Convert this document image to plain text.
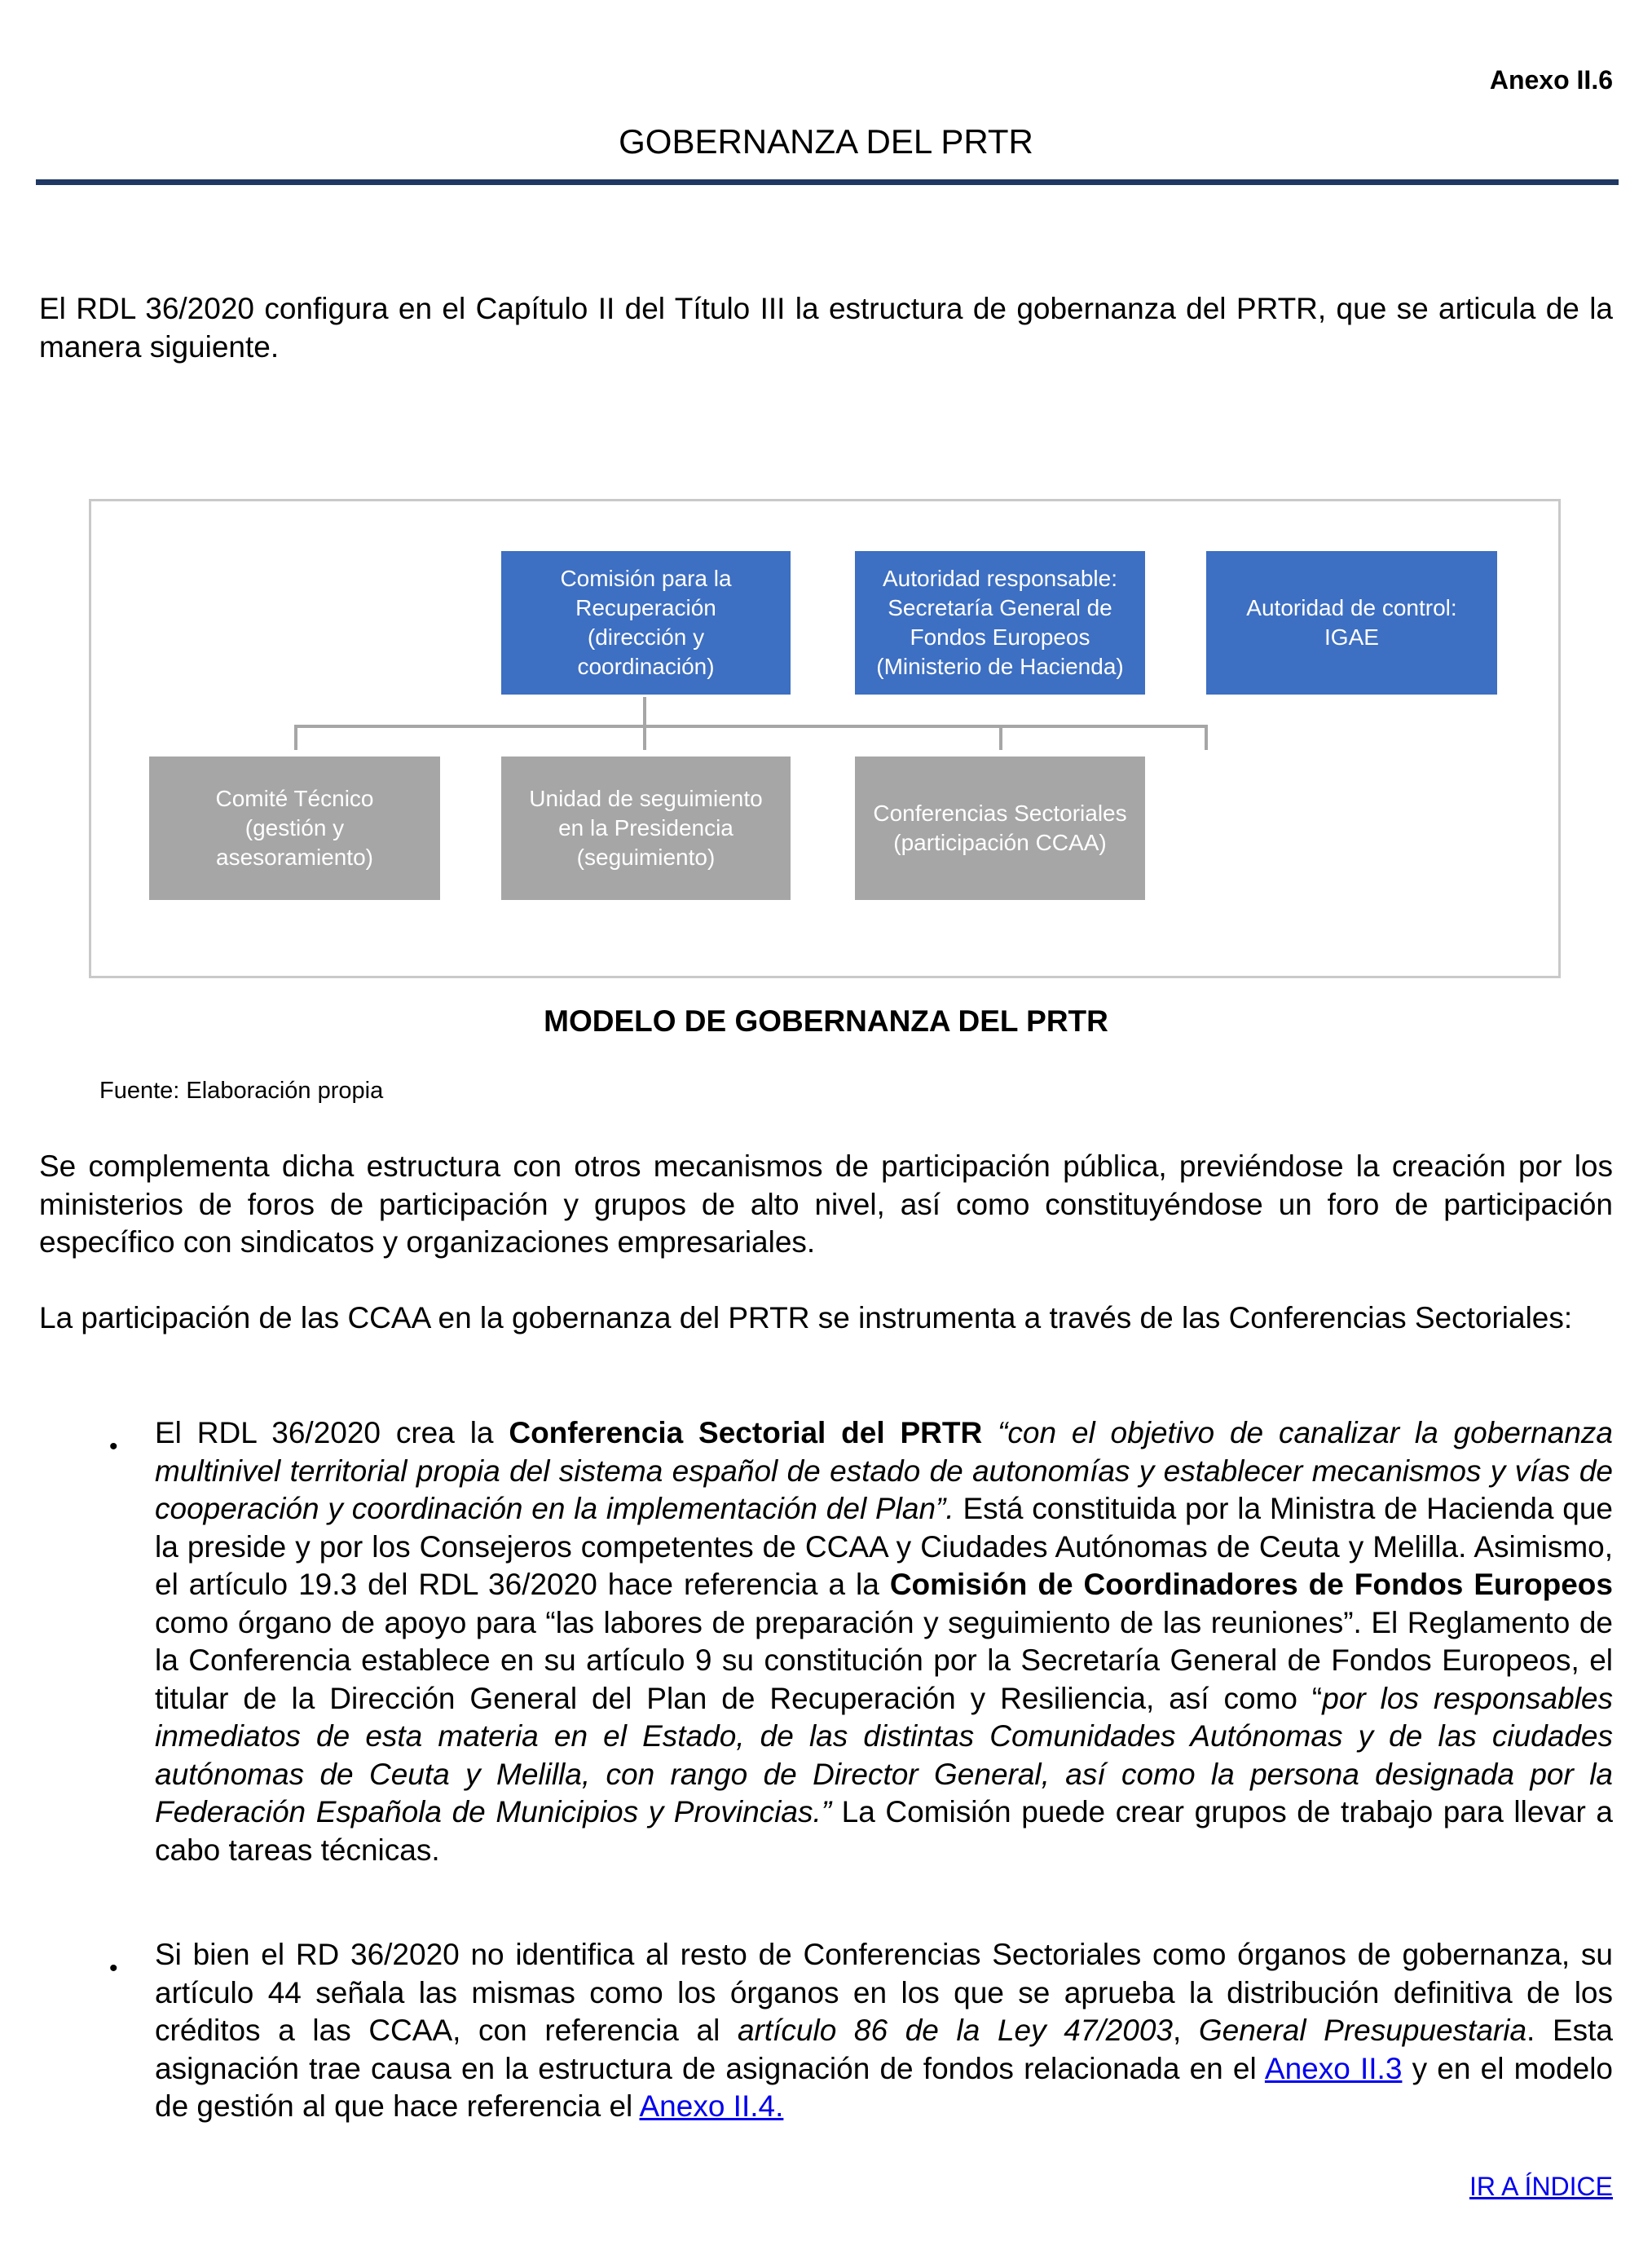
Anexo II.6
GOBERNANZA DEL PRTR
El RDL 36/2020 configura en el Capítulo II del Título III la estructura de gobernanza del PRTR, que se articula de la manera siguiente.
Comisión para la
Recuperación
(dirección y
coordinación)
Autoridad responsable:
Secretaría General de
Fondos Europeos
(Ministerio de Hacienda)
Autoridad de control:
IGAE
Comité Técnico
(gestión y
asesoramiento)
Unidad de seguimiento
en la Presidencia
(seguimiento)
Conferencias Sectoriales
(participación CCAA)
MODELO DE GOBERNANZA DEL PRTR
Fuente: Elaboración propia
Se complementa dicha estructura con otros mecanismos de participación pública, previéndose la creación por los ministerios de foros de participación y grupos de alto nivel, así como constituyéndose un foro de participación específico con sindicatos y organizaciones empresariales.
La participación de las CCAA en la gobernanza del PRTR se instrumenta a través de las Conferencias Sectoriales:
• El RDL 36/2020 crea la Conferencia Sectorial del PRTR “con el objetivo de canalizar la gobernanza multinivel territorial propia del sistema español de estado de autonomías y establecer mecanismos y vías de cooperación y coordinación en la implementación del Plan”. Está constituida por la Ministra de Hacienda que la preside y por los Consejeros competentes de CCAA y Ciudades Autónomas de Ceuta y Melilla. Asimismo, el artículo 19.3 del RDL 36/2020 hace referencia a la Comisión de Coordinadores de Fondos Europeos como órgano de apoyo para “las labores de preparación y seguimiento de las reuniones”. El Reglamento de la Conferencia establece en su artículo 9 su constitución por la Secretaría General de Fondos Europeos, el titular de la Dirección General del Plan de Recuperación y Resiliencia, así como “por los responsables inmediatos de esta materia en el Estado, de las distintas Comunidades Autónomas y de las ciudades autónomas de Ceuta y Melilla, con rango de Director General, así como la persona designada por la Federación Española de Municipios y Provincias.” La Comisión puede crear grupos de trabajo para llevar a cabo tareas técnicas.
• Si bien el RD 36/2020 no identifica al resto de Conferencias Sectoriales como órganos de gobernanza, su artículo 44 señala las mismas como los órganos en los que se aprueba la distribución definitiva de los créditos a las CCAA, con referencia al artículo 86 de la Ley 47/2003, General Presupuestaria. Esta asignación trae causa en la estructura de asignación de fondos relacionada en el Anexo II.3 y en el modelo de gestión al que hace referencia el Anexo II.4.
IR A ÍNDICE
